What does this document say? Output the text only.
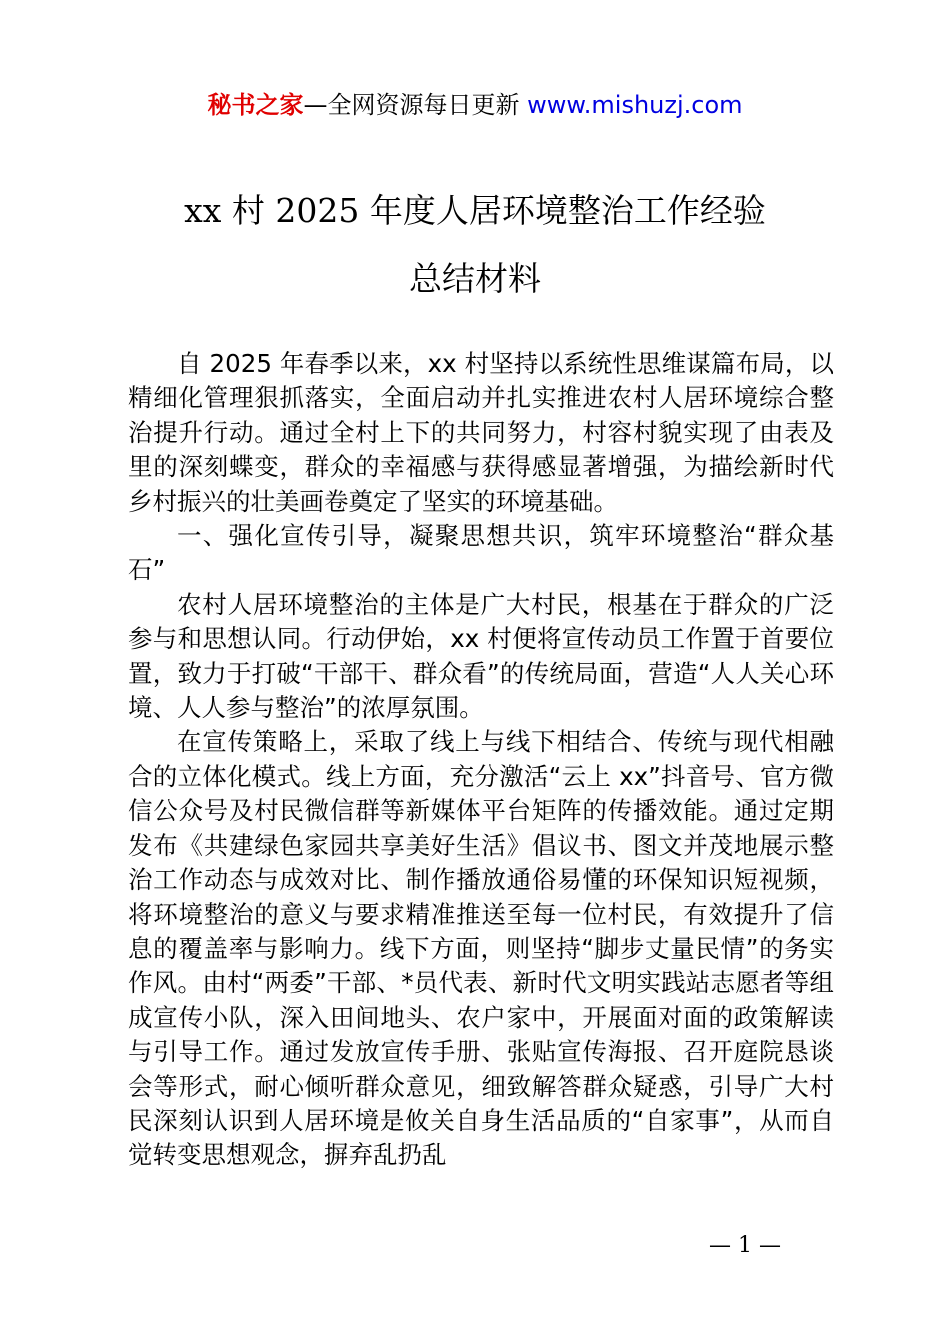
秘书之家—全网资源每日更新 www.mishuzj.com
xx 村 2025 年度人居环境整治工作经验
总结材料

自 2025 年春季以来，xx 村坚持以系统性思维谋篇布局，以精细化管理狠抓落实，全面启动并扎实推进农村人居环境综合整治提升行动。通过全村上下的共同努力，村容村貌实现了由表及里的深刻蝶变，群众的幸福感与获得感显著增强，为描绘新时代乡村振兴的壮美画卷奠定了坚实的环境基础。

一、强化宣传引导，凝聚思想共识，筑牢环境整治“群众基石”

农村人居环境整治的主体是广大村民，根基在于群众的广泛参与和思想认同。行动伊始，xx 村便将宣传动员工作置于首要位置，致力于打破“干部干、群众看”的传统局面，营造“人人关心环境、人人参与整治”的浓厚氛围。

在宣传策略上，采取了线上与线下相结合、传统与现代相融合的立体化模式。线上方面，充分激活“云上 xx”抖音号、官方微信公众号及村民微信群等新媒体平台矩阵的传播效能。通过定期发布《共建绿色家园共享美好生活》倡议书、图文并茂地展示整治工作动态与成效对比、制作播放通俗易懂的环保知识短视频，将环境整治的意义与要求精准推送至每一位村民，有效提升了信息的覆盖率与影响力。线下方面，则坚持“脚步丈量民情”的务实作风。由村“两委”干部、*员代表、新时代文明实践站志愿者等组成宣传小队，深入田间地头、农户家中，开展面对面的政策解读与引导工作。通过发放宣传手册、张贴宣传海报、召开庭院恳谈会等形式，耐心倾听群众意见，细致解答群众疑惑，引导广大村民深刻认识到人居环境是攸关自身生活品质的“自家事”，从而自觉转变思想观念，摒弃乱扔乱

— 1 —
